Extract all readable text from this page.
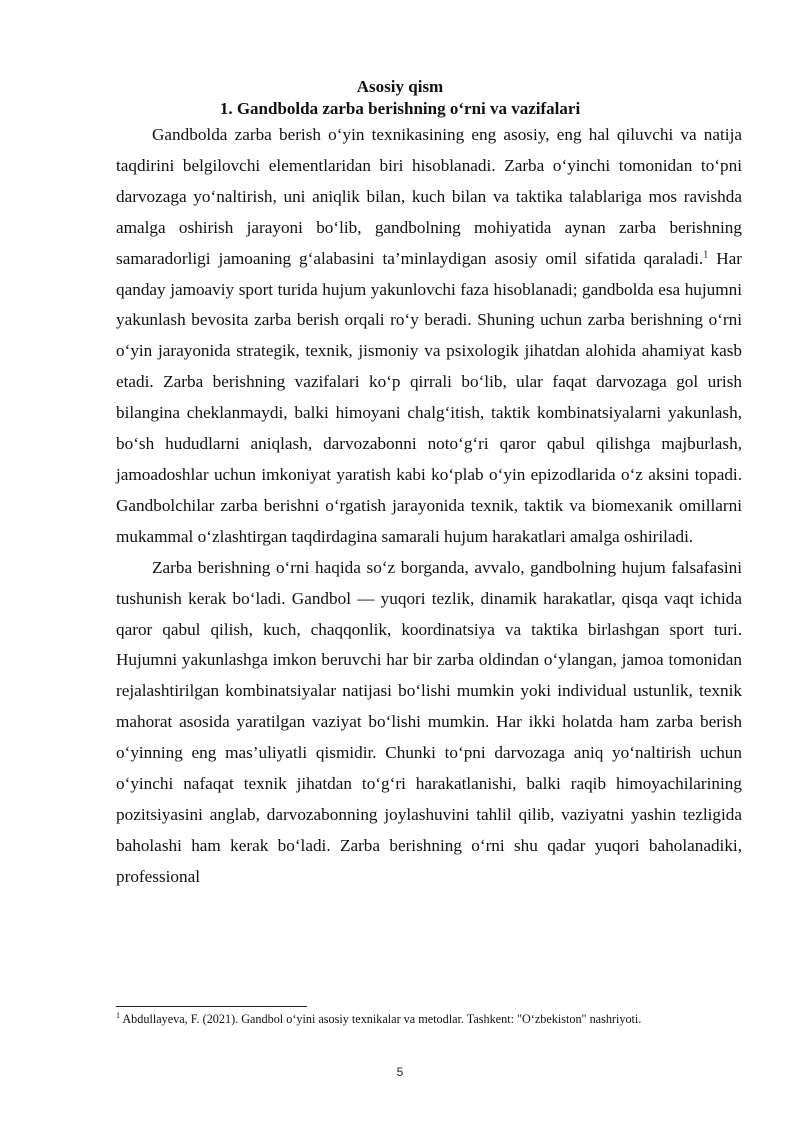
Asosiy qism
1. Gandbolda zarba berishning o‘rni va vazifalari

Gandbolda zarba berish o‘yin texnikasining eng asosiy, eng hal qiluvchi va natija taqdirini belgilovchi elementlaridan biri hisoblanadi. Zarba o‘yinchi tomonidan to‘pni darvozaga yo‘naltirish, uni aniqlik bilan, kuch bilan va taktika talablariga mos ravishda amalga oshirish jarayoni bo‘lib, gandbolning mohiyatida aynan zarba berishning samaradorligi jamoaning g‘alabasini ta’minlaydigan asosiy omil sifatida qaraladi.$^1$ Har qanday jamoaviy sport turida hujum yakunlovchi faza hisoblanadi; gandbolda esa hujumni yakunlash bevosita zarba berish orqali ro‘y beradi. Shuning uchun zarba berishning o‘rni o‘yin jarayonida strategik, texnik, jismoniy va psixologik jihatdan alohida ahamiyat kasb etadi. Zarba berishning vazifalari ko‘p qirrali bo‘lib, ular faqat darvozaga gol urish bilangina cheklanmaydi, balki himoyani chalg‘itish, taktik kombinatsiyalarni yakunlash, bo‘sh hududlarni aniqlash, darvozabonni noto‘g‘ri qaror qabul qilishga majburlash, jamoadoshlar uchun imkoniyat yaratish kabi ko‘plab o‘yin epizodlarida o‘z aksini topadi. Gandbolchilar zarba berishni o‘rgatish jarayonida texnik, taktik va biomexanik omillarni mukammal o‘zlashtirgan taqdirdagina samarali hujum harakatlari amalga oshiriladi.

Zarba berishning o‘rni haqida so‘z borganda, avvalo, gandbolning hujum falsafasini tushunish kerak bo‘ladi. Gandbol — yuqori tezlik, dinamik harakatlar, qisqa vaqt ichida qaror qabul qilish, kuch, chaqqonlik, koordinatsiya va taktika birlashgan sport turi. Hujumni yakunlashga imkon beruvchi har bir zarba oldindan o‘ylangan, jamoa tomonidan rejalashtirilgan kombinatsiyalar natijasi bo‘lishi mumkin yoki individual ustunlik, texnik mahorat asosida yaratilgan vaziyat bo‘lishi mumkin. Har ikki holatda ham zarba berish o‘yinning eng mas’uliyatli qismidir. Chunki to‘pni darvozaga aniq yo‘naltirish uchun o‘yinchi nafaqat texnik jihatdan to‘g‘ri harakatlanishi, balki raqib himoyachilarining pozitsiyasini anglab, darvozabonning joylashuvini tahlil qilib, vaziyatni yashin tezligida baholashi ham kerak bo‘ladi. Zarba berishning o‘rni shu qadar yuqori baholanadiki, professional

$^1$ Abdullayeva, F. (2021). Gandbol o‘yini asosiy texnikalar va metodlar. Tashkent: "O‘zbekiston" nashriyoti.
5
